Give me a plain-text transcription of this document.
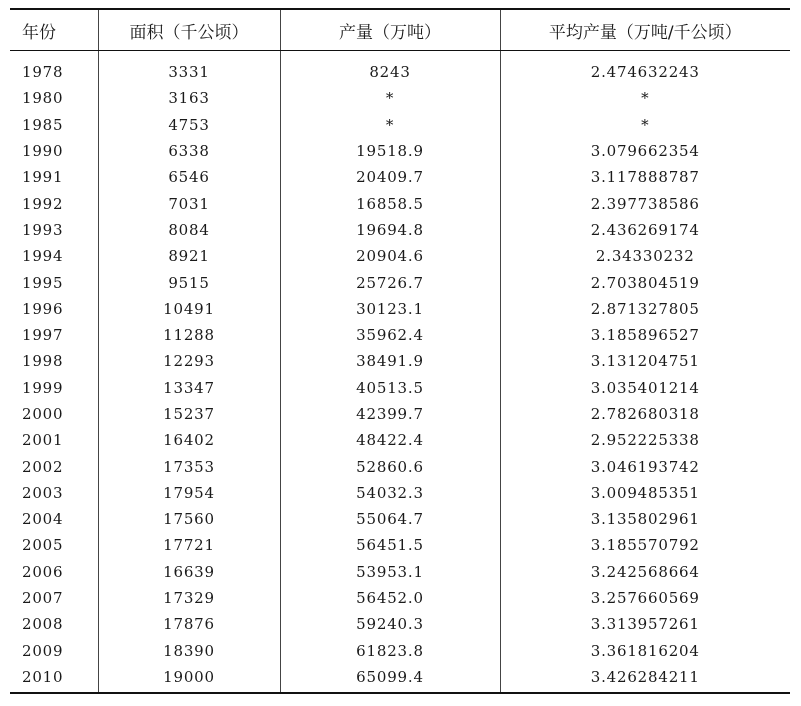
年份	面积（千公顷）	产量（万吨）	平均产量（万吨/千公顷）
1978	3331	8243	2.474632243
1980	3163	*	*
1985	4753	*	*
1990	6338	19518.9	3.079662354
1991	6546	20409.7	3.117888787
1992	7031	16858.5	2.397738586
1993	8084	19694.8	2.436269174
1994	8921	20904.6	2.34330232
1995	9515	25726.7	2.703804519
1996	10491	30123.1	2.871327805
1997	11288	35962.4	3.185896527
1998	12293	38491.9	3.131204751
1999	13347	40513.5	3.035401214
2000	15237	42399.7	2.782680318
2001	16402	48422.4	2.952225338
2002	17353	52860.6	3.046193742
2003	17954	54032.3	3.009485351
2004	17560	55064.7	3.135802961
2005	17721	56451.5	3.185570792
2006	16639	53953.1	3.242568664
2007	17329	56452.0	3.257660569
2008	17876	59240.3	3.313957261
2009	18390	61823.8	3.361816204
2010	19000	65099.4	3.426284211
